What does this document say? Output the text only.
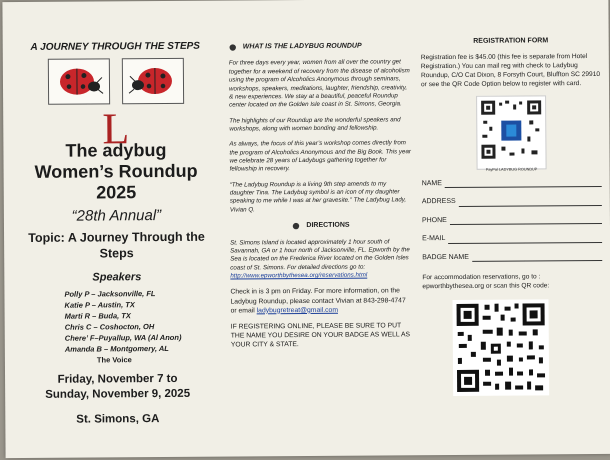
A JOURNEY THROUGH THE STEPS
L
The adybug
Women’s Roundup
2025
“28th Annual”
Topic: A Journey Through the Steps
Speakers
Polly P – Jacksonville, FL
Katie P – Austin, TX
Marti R – Buda, TX
Chris C – Coshocton, OH
Chere’ F–Puyallup, WA (Al Anon)
Amanda B – Montgomery, AL
The Voice
Friday, November 7 to
Sunday, November 9, 2025
St. Simons, GA
WHAT IS THE LADYBUG ROUNDUP

For three days every year, women from all over the country get together for a weekend of recovery from the disease of alcoholism using the program of Alcoholics Anonymous through seminars, workshops, speakers, meditations, laughter, friendship, creativity, & new experiences. We stay at a beautiful, peaceful Roundup center located on the Golden Isle coast in St. Simons, Georgia.

The highlights of our Roundup are the wonderful speakers and workshops, along with women bonding and fellowship.

As always, the focus of this year’s workshop comes directly from the program of Alcoholics Anonymous and the Big Book. This year we celebrate 28 years of Ladybugs gathering together for fellowship in recovery.

“The Ladybug Roundup is a living 9th step amends to my daughter Tina. The Ladybug symbol is an icon of my daughter speaking to me while I was at her gravesite.” The Ladybug Lady, Vivian Q.

DIRECTIONS

St. Simons Island is located approximately 1 hour south of Savannah, GA or 1 hour north of Jacksonville, FL. Epworth by the Sea is located on the Frederica River located on the Golden Isles coast of St. Simons. For detailed directions go to: http://www.epworthbythesea.org/reservations.html

Check in is 3 pm on Friday. For more information, on the Ladybug Roundup, please contact Vivian at 843-298-4747 or email ladybugretreat@gmail.com

IF REGISTERING ONLINE, PLEASE BE SURE TO PUT THE NAME YOU DESIRE ON YOUR BADGE AS WELL AS YOUR CITY & STATE.

REGISTRATION FORM
Registration fee is $45.00 (this fee is separate from Hotel Registration.) You can mail reg with check to Ladybug Roundup, C/O Cat Dixon, 8 Forsyth Court, Bluffton SC 29910 or see the QR Code Option below to register with card.
PayPal LADYBUG ROUNDUP
NAME
ADDRESS
PHONE
E-MAIL
BADGE NAME
For accommodation reservations, go to : epworthbythesea.org or scan this QR code:
